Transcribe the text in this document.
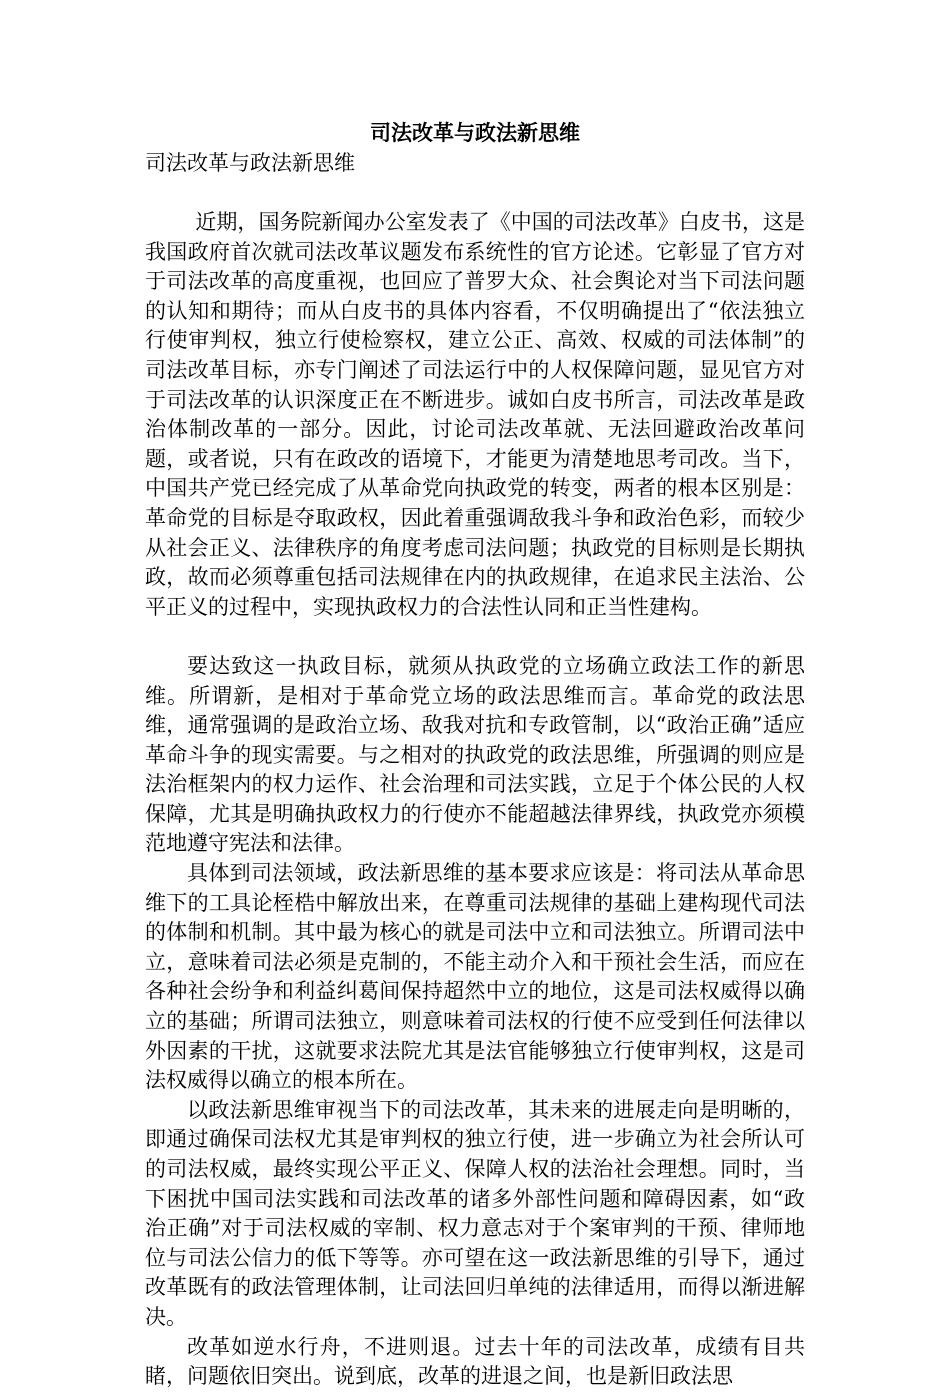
司法改革与政法新思维

司法改革与政法新思维

近期，国务院新闻办公室发表了《中国的司法改革》白皮书，这是我国政府首次就司法改革议题发布系统性的官方论述。它彰显了官方对于司法改革的高度重视，也回应了普罗大众、社会舆论对当下司法问题的认知和期待；而从白皮书的具体内容看，不仅明确提出了“依法独立行使审判权，独立行使检察权，建立公正、高效、权威的司法体制”的司法改革目标，亦专门阐述了司法运行中的人权保障问题，显见官方对于司法改革的认识深度正在不断进步。诚如白皮书所言，司法改革是政治体制改革的一部分。因此，讨论司法改革就、无法回避政治改革问题，或者说，只有在政改的语境下，才能更为清楚地思考司改。当下，中国共产党已经完成了从革命党向执政党的转变，两者的根本区别是：革命党的目标是夺取政权，因此着重强调敌我斗争和政治色彩，而较少从社会正义、法律秩序的角度考虑司法问题；执政党的目标则是长期执政，故而必须尊重包括司法规律在内的执政规律，在追求民主法治、公平正义的过程中，实现执政权力的合法性认同和正当性建构。

要达致这一执政目标，就须从执政党的立场确立政法工作的新思维。所谓新，是相对于革命党立场的政法思维而言。革命党的政法思维，通常强调的是政治立场、敌我对抗和专政管制，以“政治正确”适应革命斗争的现实需要。与之相对的执政党的政法思维，所强调的则应是法治框架内的权力运作、社会治理和司法实践，立足于个体公民的人权保障，尤其是明确执政权力的行使亦不能超越法律界线，执政党亦须模范地遵守宪法和法律。

具体到司法领域，政法新思维的基本要求应该是：将司法从革命思维下的工具论桎梏中解放出来，在尊重司法规律的基础上建构现代司法的体制和机制。其中最为核心的就是司法中立和司法独立。所谓司法中立，意味着司法必须是克制的，不能主动介入和干预社会生活，而应在各种社会纷争和利益纠葛间保持超然中立的地位，这是司法权威得以确立的基础；所谓司法独立，则意味着司法权的行使不应受到任何法律以外因素的干扰，这就要求法院尤其是法官能够独立行使审判权，这是司法权威得以确立的根本所在。

以政法新思维审视当下的司法改革，其未来的进展走向是明晰的，即通过确保司法权尤其是审判权的独立行使，进一步确立为社会所认可的司法权威，最终实现公平正义、保障人权的法治社会理想。同时，当下困扰中国司法实践和司法改革的诸多外部性问题和障碍因素，如“政治正确”对于司法权威的宰制、权力意志对于个案审判的干预、律师地位与司法公信力的低下等等。亦可望在这一政法新思维的引导下，通过改革既有的政法管理体制，让司法回归单纯的法律适用，而得以渐进解决。

改革如逆水行舟，不进则退。过去十年的司法改革，成绩有目共睹，问题依旧突出。说到底，改革的进退之间，也是新旧政法思
